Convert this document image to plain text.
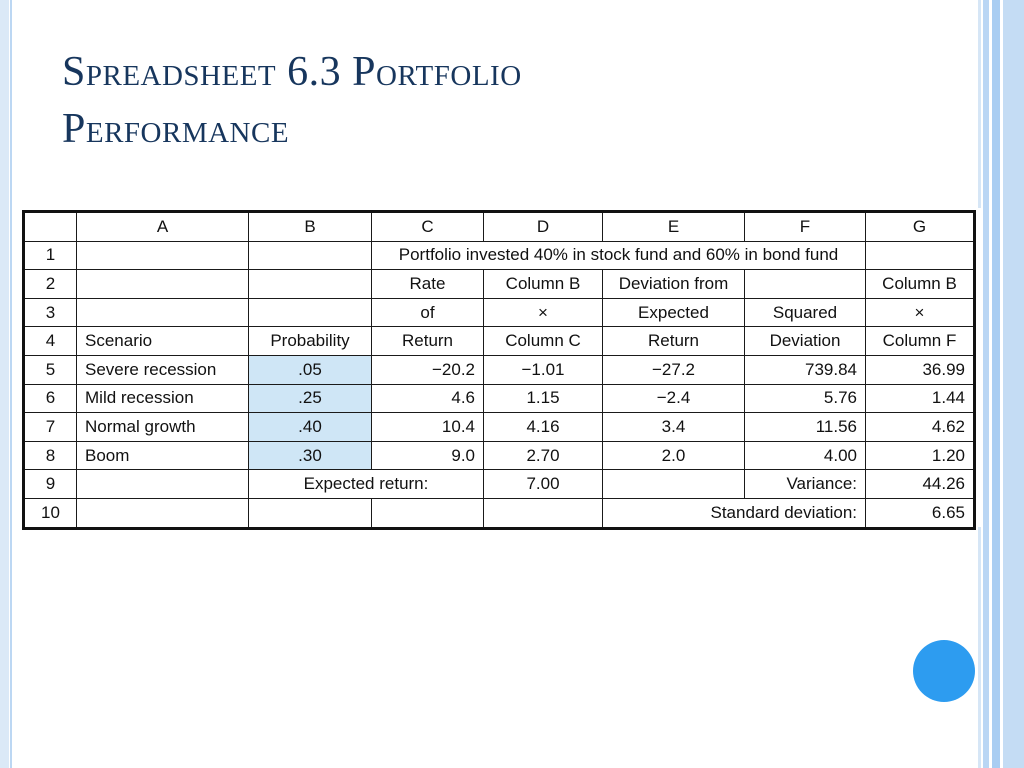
Spreadsheet 6.3 Portfolio
Performance
	A	B	C	D	E	F	G
1			Portfolio invested 40% in stock fund and 60% in bond fund				
2			Rate	Column B	Deviation from		Column B
3			of	×	Expected	Squared	×
4	Scenario	Probability	Return	Column C	Return	Deviation	Column F
5	Severe recession	.05	−20.2	−1.01	−27.2	739.84	36.99
6	Mild recession	.25	4.6	1.15	−2.4	5.76	1.44
7	Normal growth	.40	10.4	4.16	3.4	11.56	4.62
8	Boom	.30	9.0	2.70	2.0	4.00	1.20
9		Expected return:		7.00		Variance:	44.26
10					Standard deviation:		6.65
